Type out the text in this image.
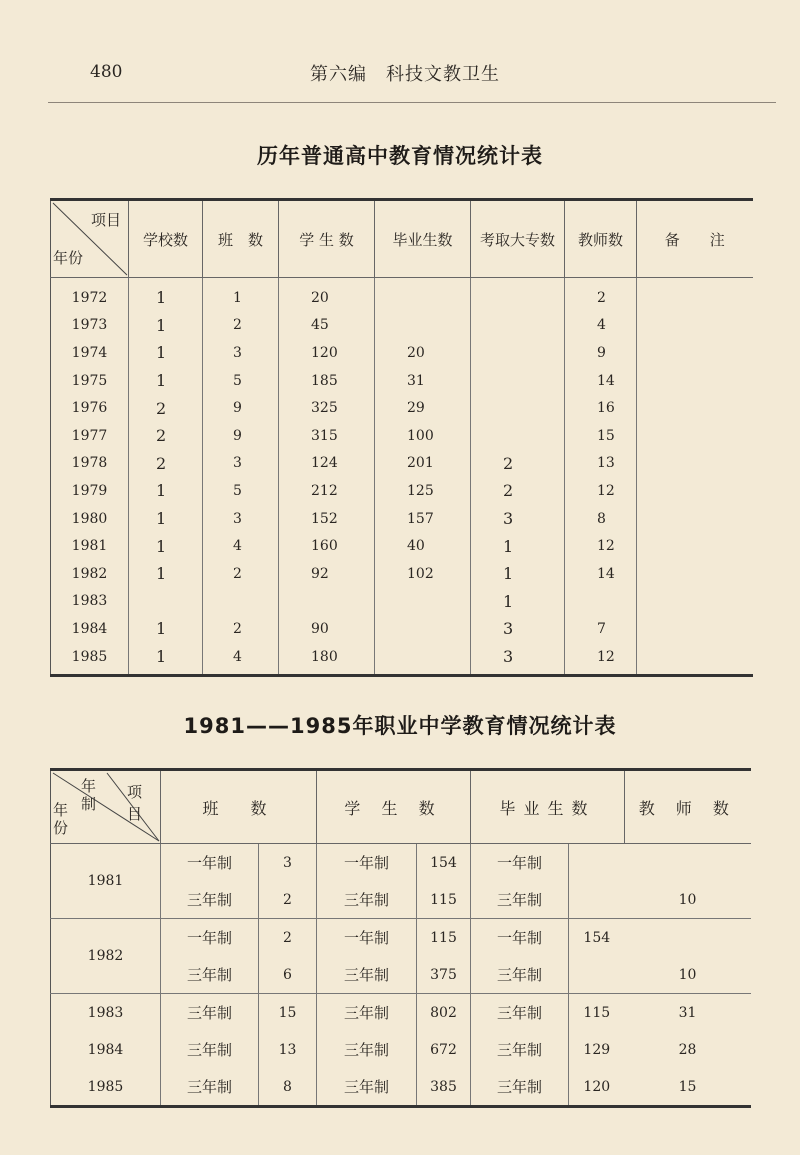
480	第六编　科技文教卫生
历年普通高中教育情况统计表
项目
年份	学校数	班　数	学 生 数	毕业生数	考取大专数	教师数	备　　注
1972	1	1	20			2	
1973	1	2	45			4	
1974	1	3	120	20		9	
1975	1	5	185	31		14	
1976	2	9	325	29		16	
1977	2	9	315	100		15	
1978	2	3	124	201	2	13	
1979	1	5	212	125	2	12	
1980	1	3	152	157	3	8	
1981	1	4	160	40	1	12	
1982	1	2	92	102	1	14	
1983					1		
1984	1	2	90		3	7	
1985	1	4	180		3	12	
1981——1985年职业中学教育情况统计表
年制
年份
项目	班　数		学 生 数		毕业生数		教 师 数
1981	一年制	3	一年制	154	一年制		
	三年制	2	三年制	115	三年制		10
1982	一年制	2	一年制	115	一年制	154	
	三年制	6	三年制	375	三年制		10
1983	三年制	15	三年制	802	三年制	115	31
1984	三年制	13	三年制	672	三年制	129	28
1985	三年制	8	三年制	385	三年制	120	15
